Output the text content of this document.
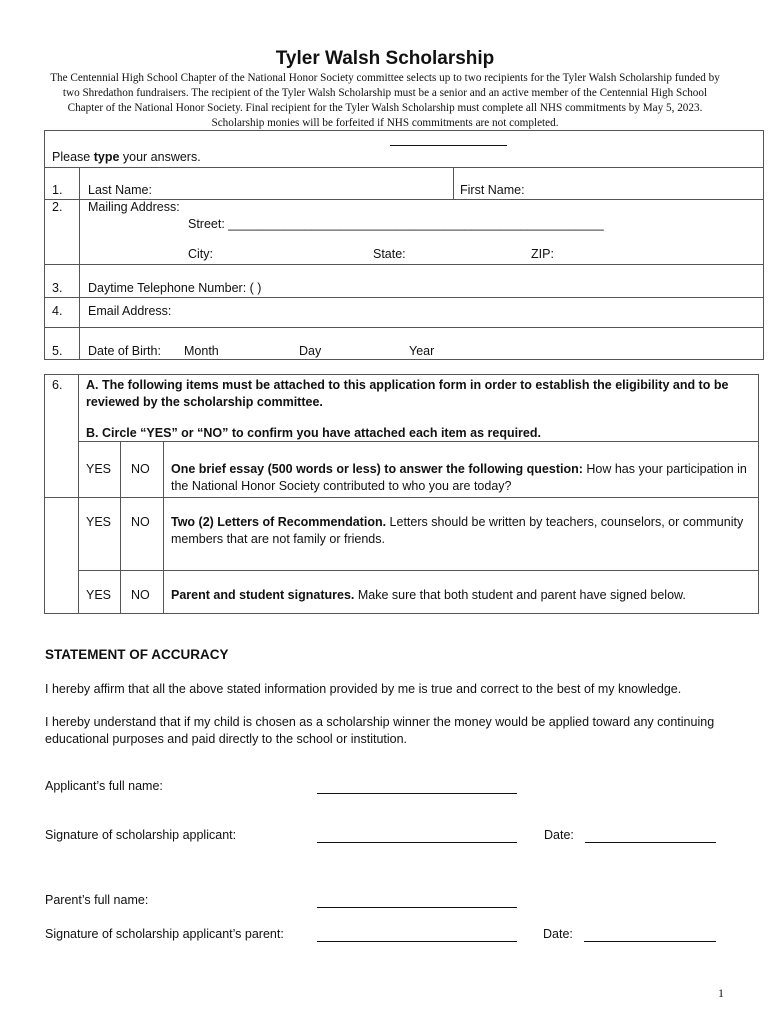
Tyler Walsh Scholarship
The Centennial High School Chapter of the National Honor Society committee selects up to two recipients for the Tyler Walsh Scholarship funded by two Shredathon fundraisers. The recipient of the Tyler Walsh Scholarship must be a senior and an active member of the Centennial High School Chapter of the National Honor Society. Final recipient for the Tyler Walsh Scholarship must complete all NHS commitments by May 5, 2023. Scholarship monies will be forfeited if NHS commitments are not completed.
Please type your answers.
1. Last Name:	First Name:
2. Mailing Address:
Street: ______________________________________________________
City:	State:	ZIP:
3. Daytime Telephone Number: ( )
4. Email Address:
5. Date of Birth: Month	Day	Year
6. A. The following items must be attached to this application form in order to establish the eligibility and to be reviewed by the scholarship committee.
B. Circle “YES” or “NO” to confirm you have attached each item as required.
YES NO One brief essay (500 words or less) to answer the following question: How has your participation in the National Honor Society contributed to who you are today?
YES NO Two (2) Letters of Recommendation. Letters should be written by teachers, counselors, or community members that are not family or friends.
YES NO Parent and student signatures. Make sure that both student and parent have signed below.
STATEMENT OF ACCURACY
I hereby affirm that all the above stated information provided by me is true and correct to the best of my knowledge.
I hereby understand that if my child is chosen as a scholarship winner the money would be applied toward any continuing educational purposes and paid directly to the school or institution.
Applicant’s full name:
Signature of scholarship applicant:	Date:
Parent’s full name:
Signature of scholarship applicant’s parent:	Date:
1
